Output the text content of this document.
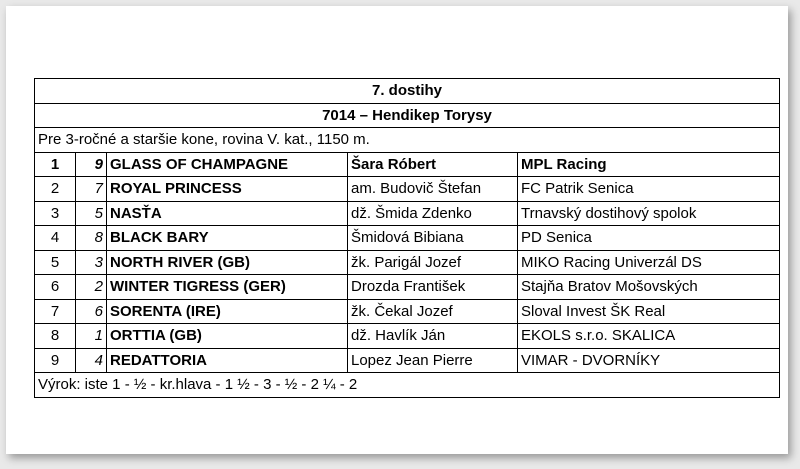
7. dostihy				
7014 – Hendikep Torysy				
Pre 3-ročné a staršie kone, rovina V. kat., 1150 m.				
1	9	GLASS OF CHAMPAGNE	Šara Róbert	MPL Racing
2	7	ROYAL PRINCESS	am. Budovič Štefan	FC Patrik Senica
3	5	NASŤA	dž. Šmida Zdenko	Trnavský dostihový spolok
4	8	BLACK BARY	Šmidová Bibiana	PD Senica
5	3	NORTH RIVER (GB)	žk. Parigál Jozef	MIKO Racing Univerzál DS
6	2	WINTER TIGRESS (GER)	Drozda František	Stajňa Bratov Mošovských
7	6	SORENTA (IRE)	žk. Čekal Jozef	Sloval Invest ŠK Real
8	1	ORTTIA (GB)	dž. Havlík Ján	EKOLS s.r.o. SKALICA
9	4	REDATTORIA	Lopez Jean Pierre	VIMAR - DVORNÍKY
Výrok: iste 1 - ½ - kr.hlava - 1 ½ - 3 - ½ - 2 ¼ - 2				
